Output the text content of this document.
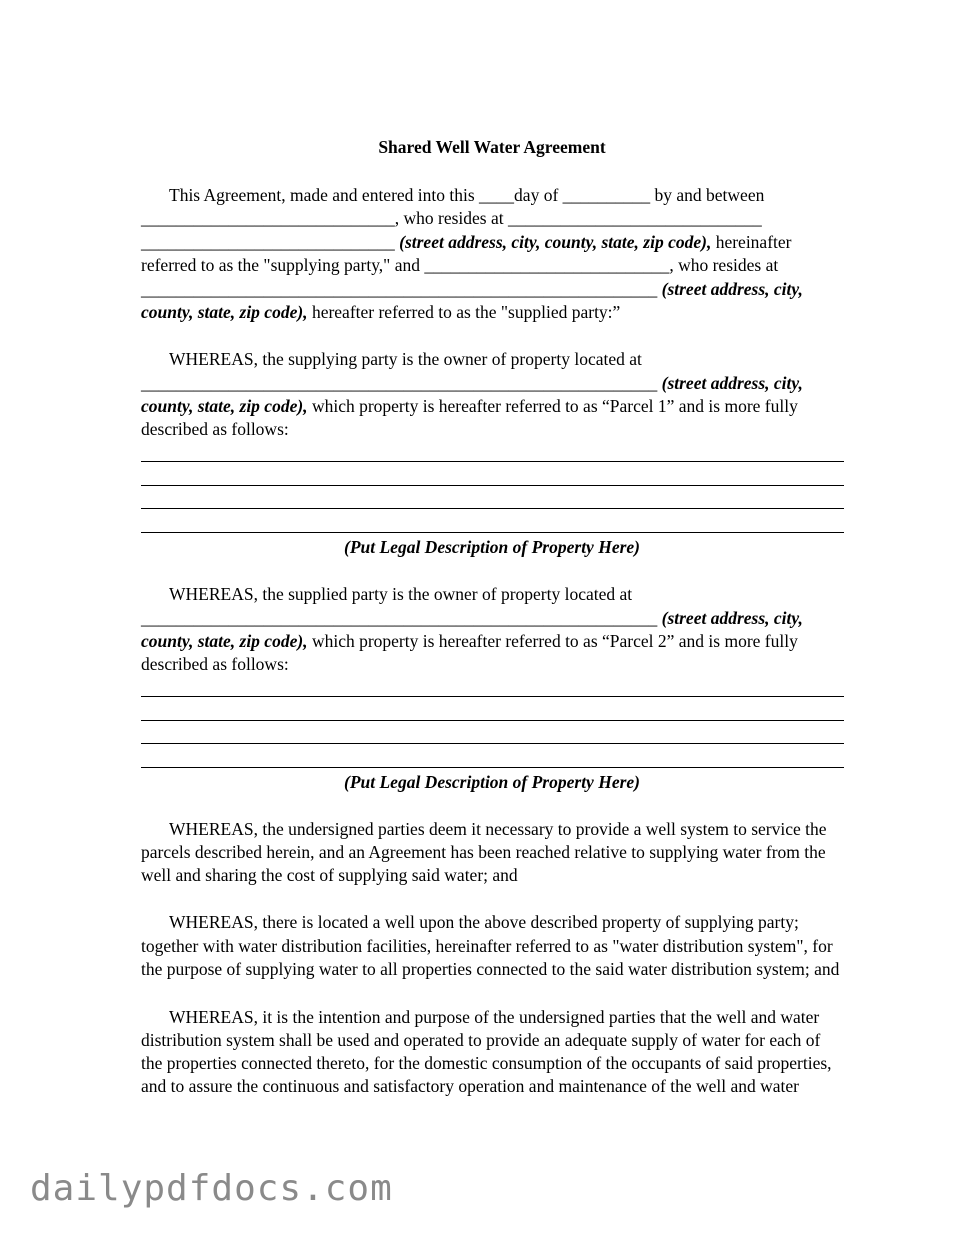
Shared Well Water Agreement
This Agreement, made and entered into this ____day of __________ by and between
_____________________________, who resides at _____________________________
_____________________________ (street address, city, county, state, zip code), hereinafter
referred to as the "supplying party," and ____________________________, who resides at
___________________________________________________________ (street address, city,
county, state, zip code), hereafter referred to as the "supplied party:”
WHEREAS, the supplying party is the owner of property located at
___________________________________________________________ (street address, city,
county, state, zip code), which property is hereafter referred to as “Parcel 1” and is more fully
described as follows:
(Put Legal Description of Property Here)
WHEREAS, the supplied party is the owner of property located at
___________________________________________________________ (street address, city,
county, state, zip code), which property is hereafter referred to as “Parcel 2” and is more fully
described as follows:
(Put Legal Description of Property Here)
WHEREAS, the undersigned parties deem it necessary to provide a well system to service the
parcels described herein, and an Agreement has been reached relative to supplying water from the
well and sharing the cost of supplying said water; and
WHEREAS, there is located a well upon the above described property of supplying party;
together with water distribution facilities, hereinafter referred to as "water distribution system", for
the purpose of supplying water to all properties connected to the said water distribution system; and
WHEREAS, it is the intention and purpose of the undersigned parties that the well and water
distribution system shall be used and operated to provide an adequate supply of water for each of
the properties connected thereto, for the domestic consumption of the occupants of said properties,
and to assure the continuous and satisfactory operation and maintenance of the well and water
dailypdfdocs.com
